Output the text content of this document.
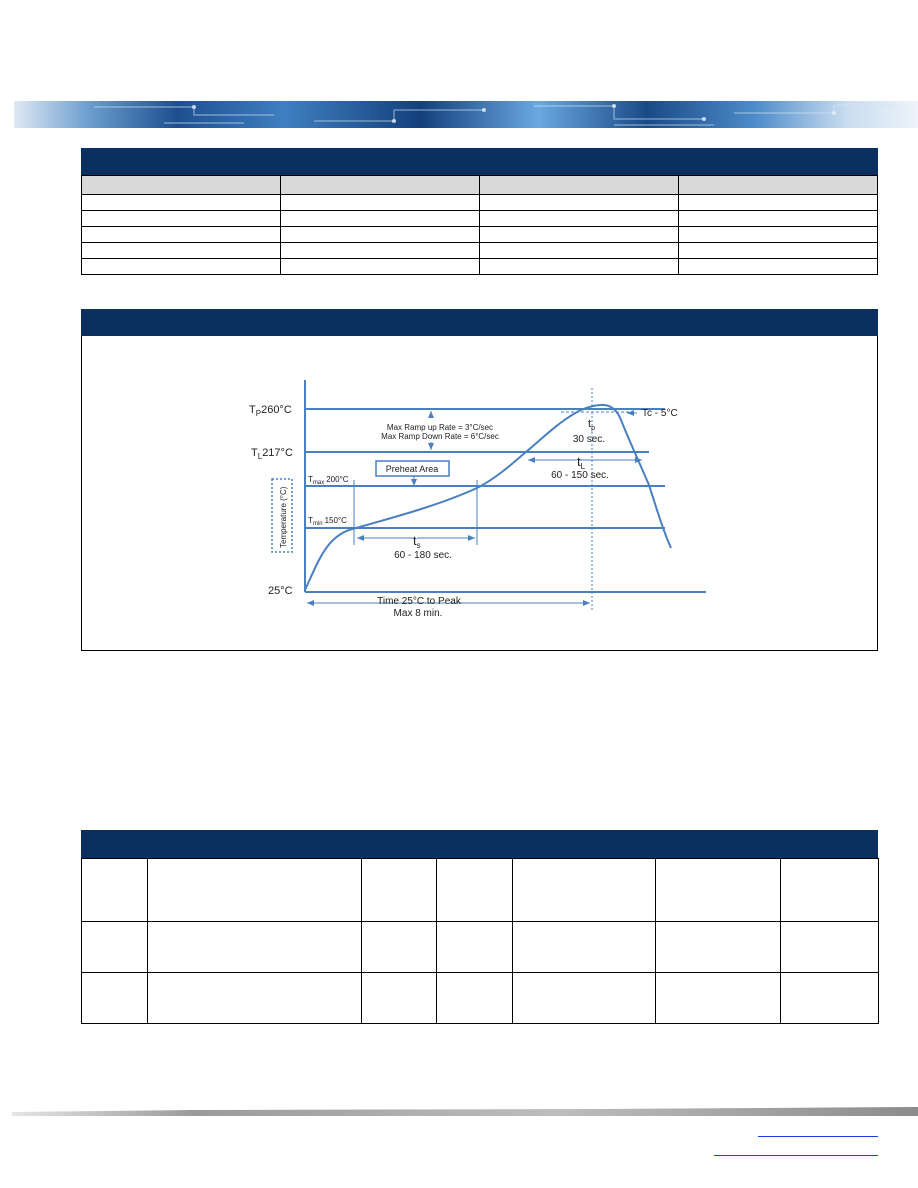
$T_P260^\circ C$
$T_L217^\circ C$
$T_{max}$ 200°C
$T_{min}$ 150°C
25°C
Temperature (°C)
Max Ramp up Rate = 3°C/sec
Max Ramp Down Rate = 6°C/sec
Preheat Area
$t_s$
60 - 180 sec.
$t_L$
60 - 150 sec.
$t_p$
30 sec.
Tc - 5°C
Time 25°C to Peak
Max 8 min.
